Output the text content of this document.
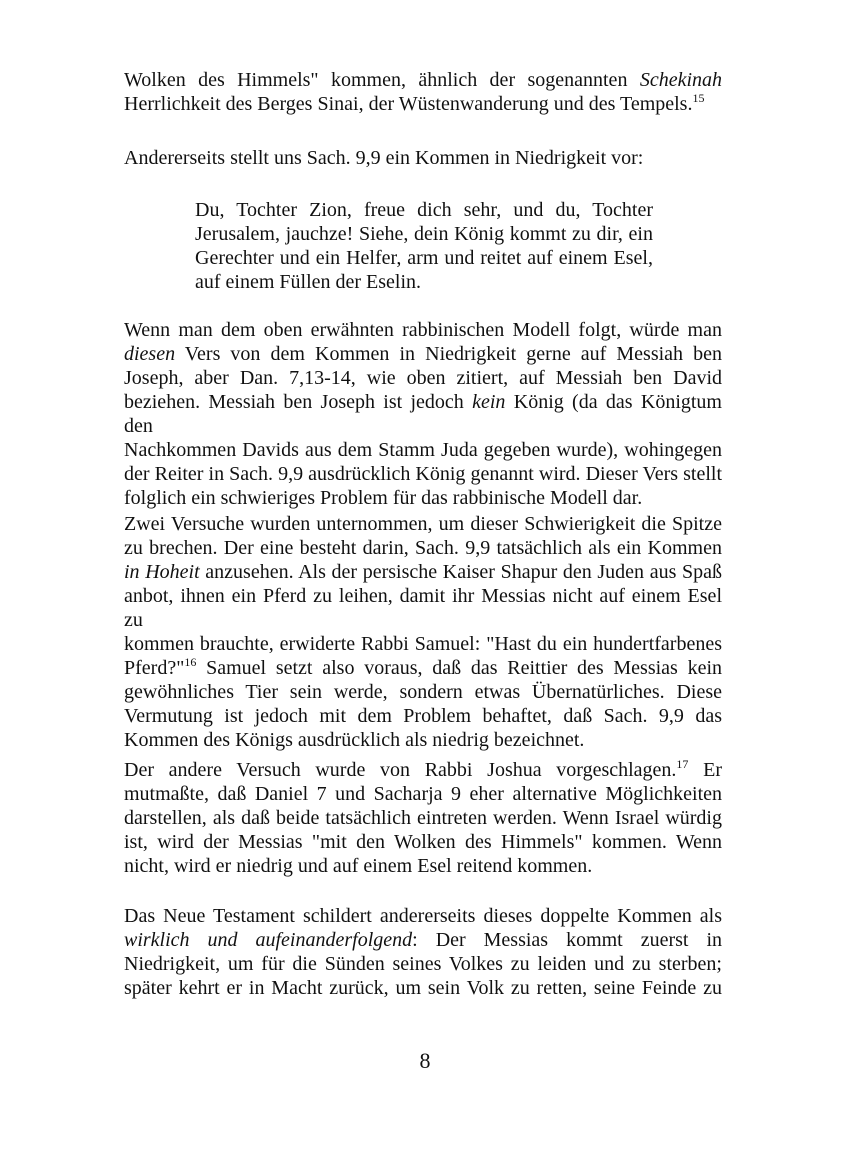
Wolken des Himmels" kommen, ähnlich der sogenannten Schekinah
Herrlichkeit des Berges Sinai, der Wüstenwanderung und des Tempels.$^{15}$

Andererseits stellt uns Sach. 9,9 ein Kommen in Niedrigkeit vor:

Du, Tochter Zion, freue dich sehr, und du, Tochter
Jerusalem, jauchze! Siehe, dein König kommt zu dir, ein
Gerechter und ein Helfer, arm und reitet auf einem Esel,
auf einem Füllen der Eselin.

Wenn man dem oben erwähnten rabbinischen Modell folgt, würde man
diesen Vers von dem Kommen in Niedrigkeit gerne auf Messiah ben
Joseph, aber Dan. 7,13-14, wie oben zitiert, auf Messiah ben David
beziehen. Messiah ben Joseph ist jedoch kein König (da das Königtum den
Nachkommen Davids aus dem Stamm Juda gegeben wurde), wohingegen
der Reiter in Sach. 9,9 ausdrücklich König genannt wird. Dieser Vers stellt
folglich ein schwieriges Problem für das rabbinische Modell dar.

Zwei Versuche wurden unternommen, um dieser Schwierigkeit die Spitze
zu brechen. Der eine besteht darin, Sach. 9,9 tatsächlich als ein Kommen
in Hoheit anzusehen. Als der persische Kaiser Shapur den Juden aus Spaß
anbot, ihnen ein Pferd zu leihen, damit ihr Messias nicht auf einem Esel zu
kommen brauchte, erwiderte Rabbi Samuel: "Hast du ein hundertfarbenes
Pferd?"$^{16}$ Samuel setzt also voraus, daß das Reittier des Messias kein
gewöhnliches Tier sein werde, sondern etwas Übernatürliches. Diese
Vermutung ist jedoch mit dem Problem behaftet, daß Sach. 9,9 das
Kommen des Königs ausdrücklich als niedrig bezeichnet.

Der andere Versuch wurde von Rabbi Joshua vorgeschlagen.$^{17}$ Er
mutmaßte, daß Daniel 7 und Sacharja 9 eher alternative Möglichkeiten
darstellen, als daß beide tatsächlich eintreten werden. Wenn Israel würdig
ist, wird der Messias "mit den Wolken des Himmels" kommen. Wenn
nicht, wird er niedrig und auf einem Esel reitend kommen.

Das Neue Testament schildert andererseits dieses doppelte Kommen als
wirklich und aufeinanderfolgend: Der Messias kommt zuerst in
Niedrigkeit, um für die Sünden seines Volkes zu leiden und zu sterben;
später kehrt er in Macht zurück, um sein Volk zu retten, seine Feinde zu

8
